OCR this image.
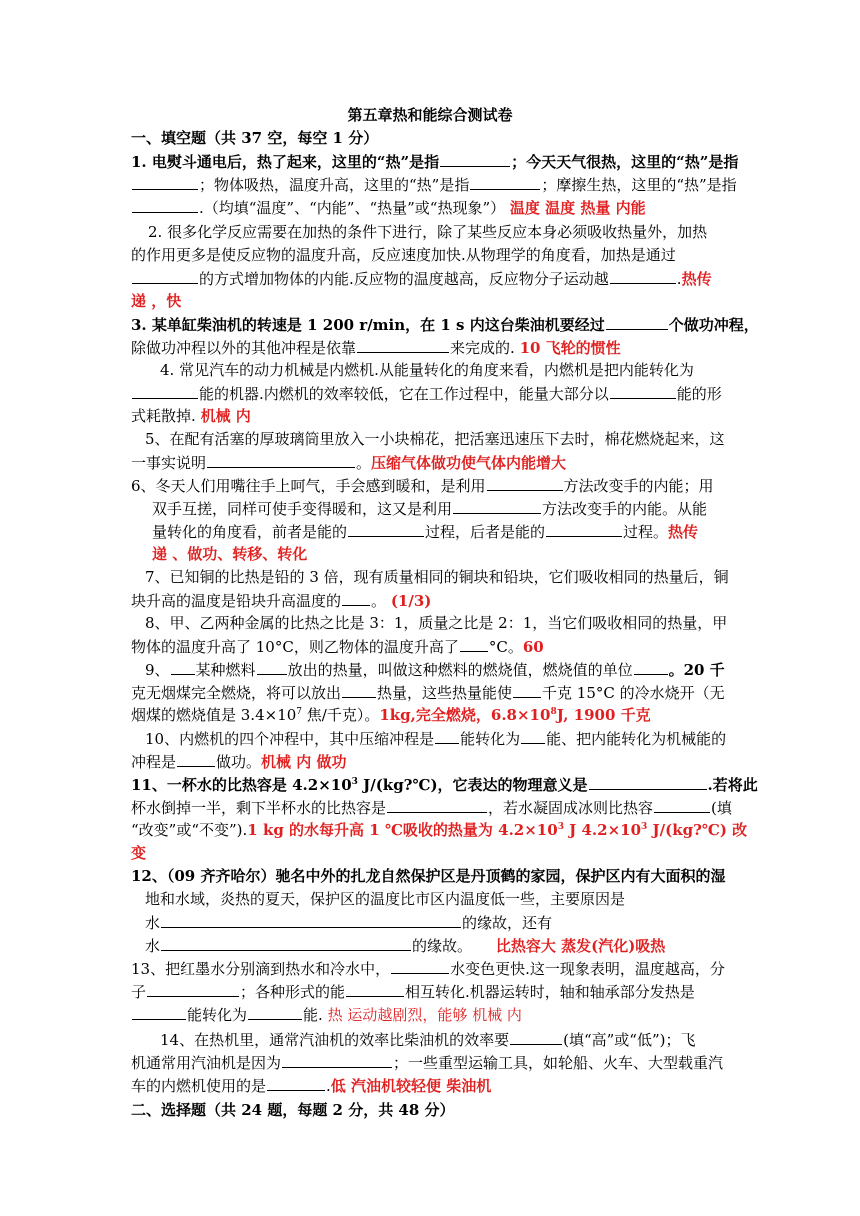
第五章热和能综合测试卷
一、填空题（共 37 空，每空 1 分）
1. 电熨斗通电后，热了起来，这里的“热”是指	；今天天气很热，这里的“热”是指
；物体吸热，温度升高，这里的“热”是指	；摩擦生热，这里的“热”是指
.（均填“温度”、“内能”、“热量”或“热现象”） 温度 温度 热量 内能
2. 很多化学反应需要在加热的条件下进行，除了某些反应本身必须吸收热量外，加热
的作用更多是使反应物的温度升高，反应速度加快.从物理学的角度看，加热是通过
的方式增加物体的内能.反应物的温度越高，反应物分子运动越	.热传
递 ，快
3. 某单缸柴油机的转速是 1 200 r/min，在 1 s 内这台柴油机要经过	个做功冲程，
除做功冲程以外的其他冲程是依靠	来完成的. 10 飞轮的惯性
4. 常见汽车的动力机械是内燃机.从能量转化的角度来看，内燃机是把内能转化为
能的机器.内燃机的效率较低，它在工作过程中，能量大部分以	能的形
式耗散掉. 机械 内
5、在配有活塞的厚玻璃筒里放入一小块棉花，把活塞迅速压下去时，棉花燃烧起来，这
一事实说明	。压缩气体做功使气体内能增大
6、冬天人们用嘴往手上呵气，手会感到暖和，是利用	方法改变手的内能；用
双手互搓，同样可使手变得暖和，这又是利用	方法改变手的内能。从能
量转化的角度看，前者是能的	过程，后者是能的	过程。热传
递 、做功、转移、转化
7、已知铜的比热是铅的 3 倍，现有质量相同的铜块和铅块，它们吸收相同的热量后，铜
块升高的温度是铅块升高温度的 。 (1/3)
8、甲、乙两种金属的比热之比是 3：1，质量之比是 2：1，当它们吸收相同的热量，甲
物体的温度升高了 10°C，则乙物体的温度升高了 °C。60
9、 某种燃料 放出的热量，叫做这种燃料的燃烧值，燃烧值的单位 。20 千
克无烟煤完全燃烧，将可以放出 热量，这些热量能使 千克 15°C 的冷水烧开（无
烟煤的燃烧值是 $3.4\times 10^7$ 焦/千克）。1kg,完全燃烧，$6.8\times 10^8J$, 1900 千克
10、内燃机的四个冲程中，其中压缩冲程是 能转化为 能、把内能转化为机械能的
冲程是	做功。机械 内 做功
11、一杯水的比热容是 $4.2\times 10^3$ J/(kg?℃)，它表达的物理意义是	.若将此
杯水倒掉一半，剩下半杯水的比热容是	，若水凝固成冰则比热容	(填
“改变”或“不变”).1 kg 的水每升高 1 ℃吸收的热量为 $4.2\times 10^3$ J $4.2\times 10^3$ J/(kg?℃) 改
变
12、（09 齐齐哈尔）驰名中外的扎龙自然保护区是丹顶鹤的家园，保护区内有大面积的湿
地和水域，炎热的夏天，保护区的温度比市区内温度低一些，主要原因是
水	的缘故，还有
水	的缘故。 比热容大 蒸发(汽化)吸热
13、把红墨水分别滴到热水和冷水中，	水变色更快.这一现象表明，温度越高，分
子	；各种形式的能	相互转化.机器运转时，轴和轴承部分发热是
能转化为	能. 热 运动越剧烈，能够 机械 内
14、在热机里，通常汽油机的效率比柴油机的效率要	(填“高”或“低”)；飞
机通常用汽油机是因为	；一些重型运输工具，如轮船、火车、大型载重汽
车的内燃机使用的是	.低 汽油机较轻便 柴油机
二、选择题（共 24 题，每题 2 分，共 48 分）
